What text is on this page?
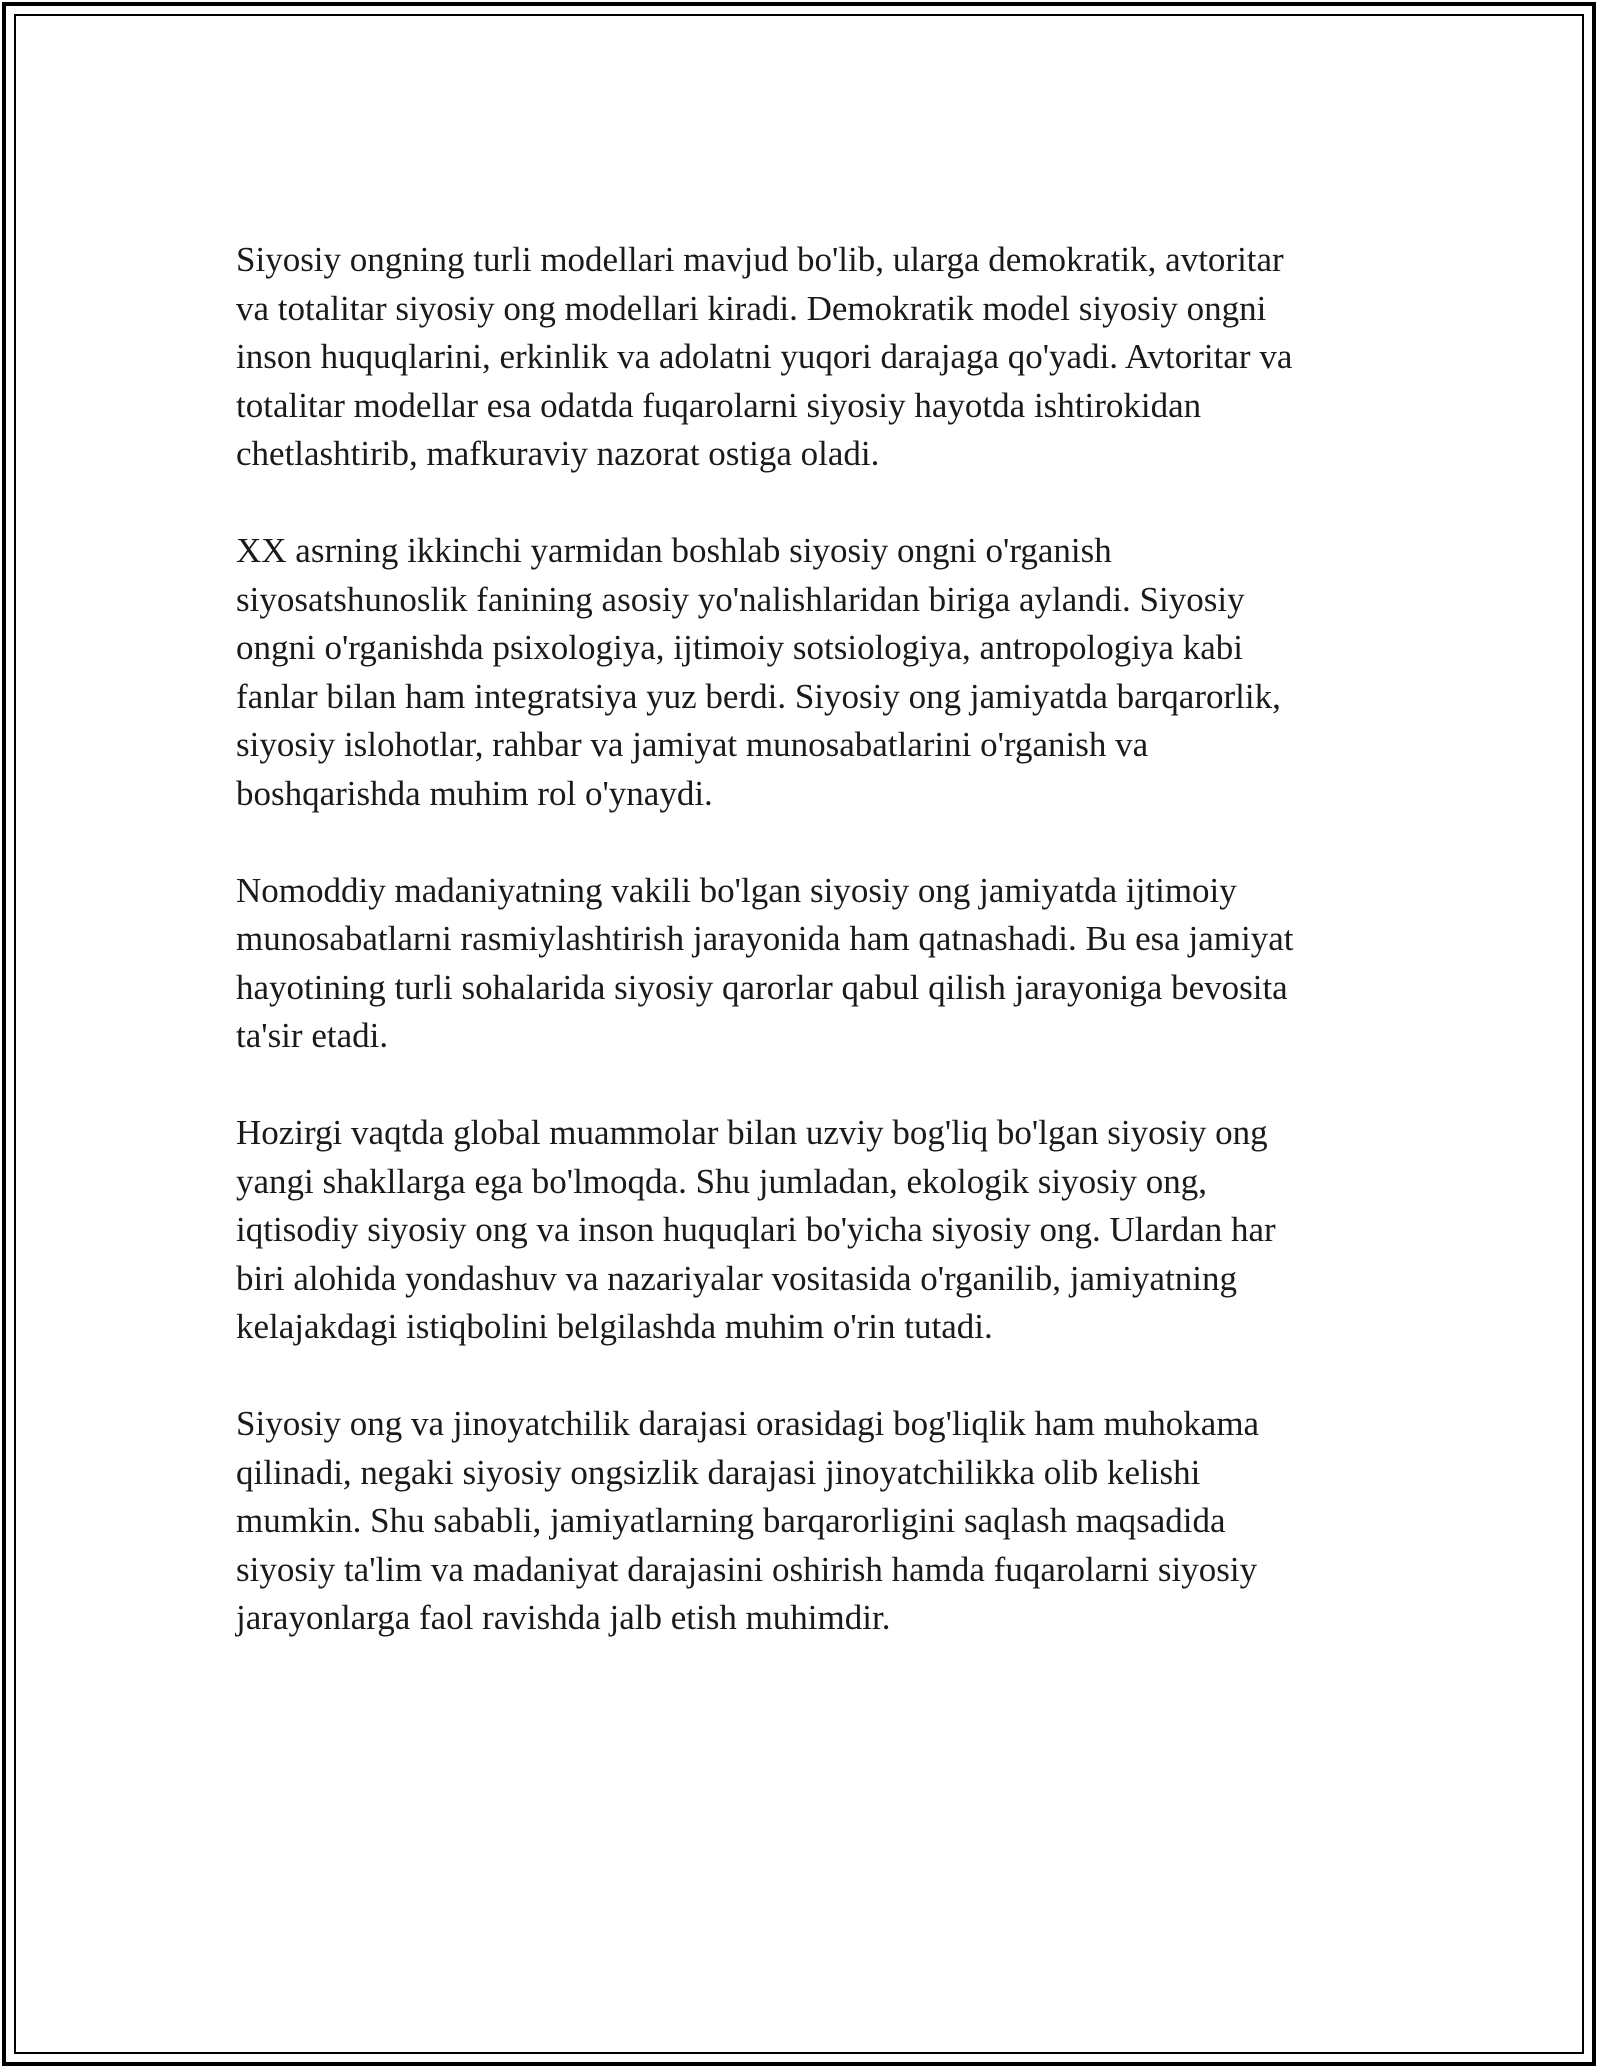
Siyosiy ongning turli modellari mavjud bo'lib, ularga demokratik, avtoritar
va totalitar siyosiy ong modellari kiradi. Demokratik model siyosiy ongni
inson huquqlarini, erkinlik va adolatni yuqori darajaga qo'yadi. Avtoritar va
totalitar modellar esa odatda fuqarolarni siyosiy hayotda ishtirokidan
chetlashtirib, mafkuraviy nazorat ostiga oladi.

XX asrning ikkinchi yarmidan boshlab siyosiy ongni o'rganish
siyosatshunoslik fanining asosiy yo'nalishlaridan biriga aylandi. Siyosiy
ongni o'rganishda psixologiya, ijtimoiy sotsiologiya, antropologiya kabi
fanlar bilan ham integratsiya yuz berdi. Siyosiy ong jamiyatda barqarorlik,
siyosiy islohotlar, rahbar va jamiyat munosabatlarini o'rganish va
boshqarishda muhim rol o'ynaydi.

Nomoddiy madaniyatning vakili bo'lgan siyosiy ong jamiyatda ijtimoiy
munosabatlarni rasmiylashtirish jarayonida ham qatnashadi. Bu esa jamiyat
hayotining turli sohalarida siyosiy qarorlar qabul qilish jarayoniga bevosita
ta'sir etadi.

Hozirgi vaqtda global muammolar bilan uzviy bog'liq bo'lgan siyosiy ong
yangi shakllarga ega bo'lmoqda. Shu jumladan, ekologik siyosiy ong,
iqtisodiy siyosiy ong va inson huquqlari bo'yicha siyosiy ong. Ulardan har
biri alohida yondashuv va nazariyalar vositasida o'rganilib, jamiyatning
kelajakdagi istiqbolini belgilashda muhim o'rin tutadi.

Siyosiy ong va jinoyatchilik darajasi orasidagi bog'liqlik ham muhokama
qilinadi, negaki siyosiy ongsizlik darajasi jinoyatchilikka olib kelishi
mumkin. Shu sababli, jamiyatlarning barqarorligini saqlash maqsadida
siyosiy ta'lim va madaniyat darajasini oshirish hamda fuqarolarni siyosiy
jarayonlarga faol ravishda jalb etish muhimdir.
